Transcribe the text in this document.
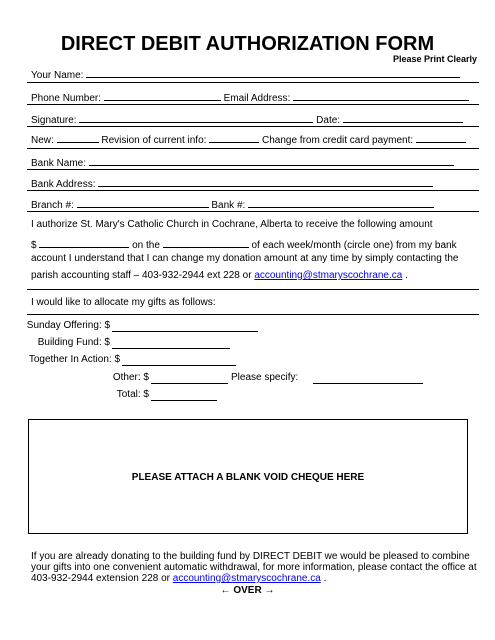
DIRECT DEBIT AUTHORIZATION FORM
Please Print Clearly
Your Name:
Phone Number:	Email Address:
Signature:	Date:
New:	Revision of current info:	Change from credit card payment:
Bank Name:
Bank Address:
Branch #:	Bank #:
I authorize St. Mary's Catholic Church in Cochrane, Alberta to receive the following amount
$	on the	of each week/month (circle one) from my bank
account I understand that I can change my donation amount at any time by simply contacting the
parish accounting staff – 403-932-2944 ext 228 or accounting@stmaryscochrane.ca .
I would like to allocate my gifts as follows:
Sunday Offering: $
Building Fund: $
Together In Action: $
Other: $	Please specify:
Total: $
PLEASE ATTACH A BLANK VOID CHEQUE HERE
If you are already donating to the building fund by DIRECT DEBIT we would be pleased to combine
your gifts into one convenient automatic withdrawal, for more information, please contact the office at
403-932-2944 extension 228 or accounting@stmaryscochrane.ca .
← OVER →
